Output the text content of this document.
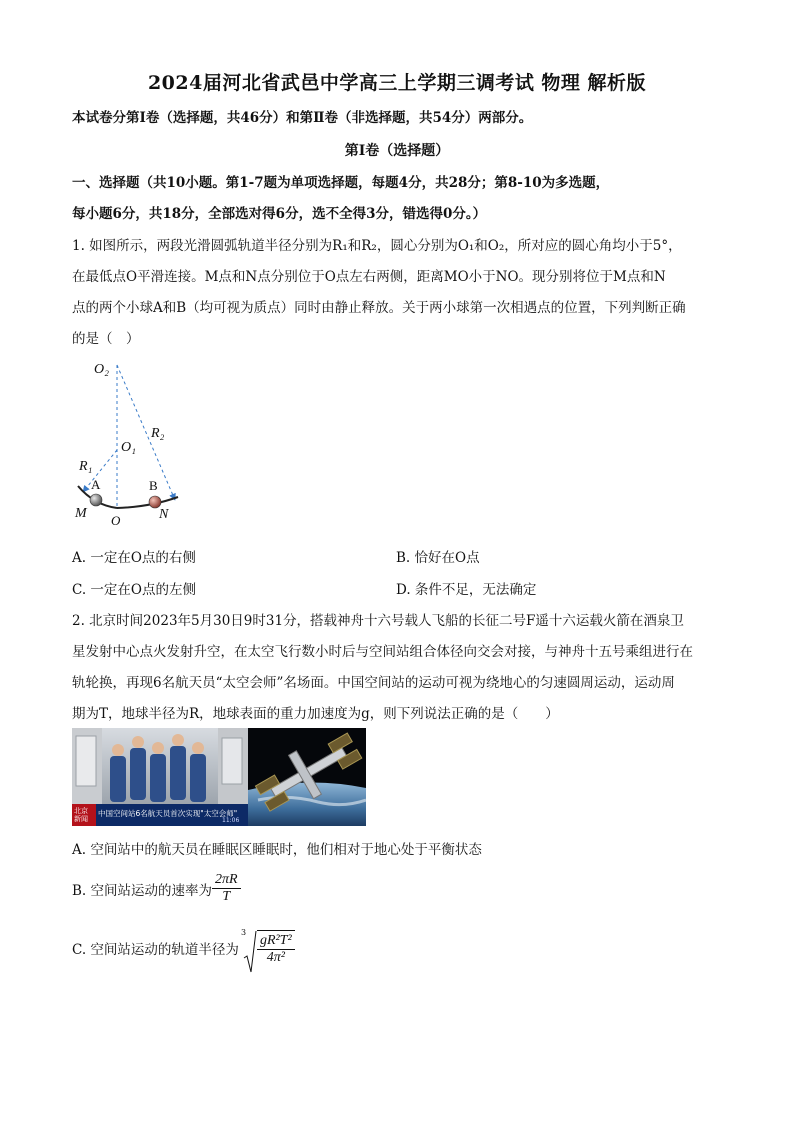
2024届河北省武邑中学高三上学期三调考试 物理 解析版
本试卷分第Ⅰ卷（选择题，共46分）和第Ⅱ卷（非选择题，共54分）两部分。
第Ⅰ卷（选择题）
一、选择题（共10小题。第1-7题为单项选择题，每题4分，共28分；第8-10为多选题，
每小题6分，共18分，全部选对得6分，选不全得3分，错选得0分。）
1. 如图所示，两段光滑圆弧轨道半径分别为R₁和R₂，圆心分别为O₁和O₂，所对应的圆心角均小于5°，
在最低点O平滑连接。M点和N点分别位于O点左右两侧，距离MO小于NO。现分别将位于M点和N
点的两个小球A和B（均可视为质点）同时由静止释放。关于两小球第一次相遇点的位置，下列判断正确
的是（　）
O₂
O₁
R₂
R₁
M	N
A	B
O
A. 一定在O点的右侧	B. 恰好在O点
C. 一定在O点的左侧	D. 条件不足，无法确定
2. 北京时间2023年5月30日9时31分，搭载神舟十六号载人飞船的长征二号F遥十六运载火箭在酒泉卫
星发射中心点火发射升空，在太空飞行数小时后与空间站组合体径向交会对接，与神舟十五号乘组进行在
轨轮换，再现6名航天员“太空会师”名场面。中国空间站的运动可视为绕地心的匀速圆周运动，运动周
期为T，地球半径为R，地球表面的重力加速度为g，则下列说法正确的是（　　）
中国空间站6名航天员首次实现"太空会师"
北京
新闻	11:06
A. 空间站中的航天员在睡眠区睡眠时，他们相对于地心处于平衡状态
B. 空间站运动的速率为 $\frac{2\pi R}{T}$
C. 空间站运动的轨道半径为
$3 \frac{\text{gR²T²}}{\text{4π²}}$
